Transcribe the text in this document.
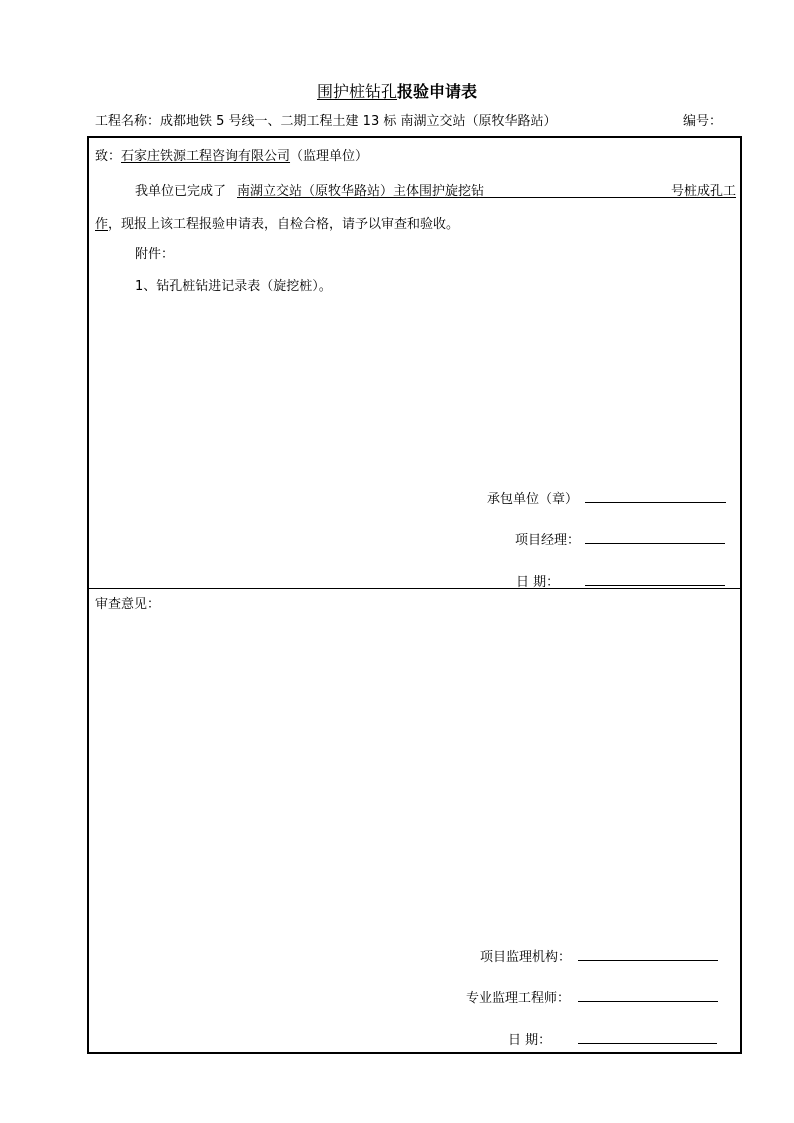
围护桩钻孔报验申请表
工程名称：成都地铁 5 号线一、二期工程土建 13 标 南湖立交站（原牧华路站）	编号：
致：石家庄铁源工程咨询有限公司（监理单位）
我单位已完成了 南湖立交站（原牧华路站）主体围护旋挖钻	号桩成孔工
作，现报上该工程报验申请表，自检合格，请予以审查和验收。
附件：
1、钻孔桩钻进记录表（旋挖桩）。
承包单位（章）
项目经理：
日 期：
审查意见：
项目监理机构：
专业监理工程师：
日 期：
